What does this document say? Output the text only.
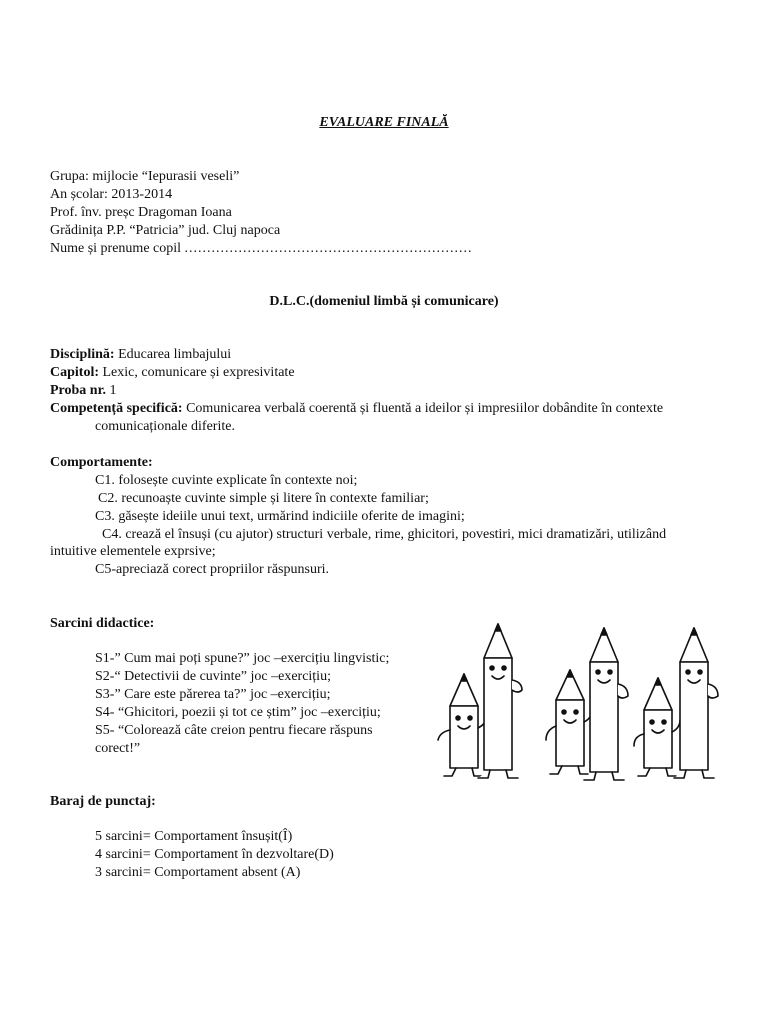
EVALUARE FINALĂ
Grupa: mijlocie “Iepurasii veseli”
An școlar: 2013-2014
Prof. înv. preșc Dragoman Ioana
Grădinița P.P. “Patricia” jud. Cluj napoca
Nume și prenume copil ................................................................
D.L.C.(domeniul limbă și comunicare)
Disciplină: Educarea limbajului
Capitol: Lexic, comunicare și expresivitate
Proba nr. 1
Competență specifică: Comunicarea verbală coerentă și fluentă a ideilor și impresiilor dobândite în contexte
comunicaționale diferite.
Comportamente:
C1. folosește cuvinte explicate în contexte noi;
C2. recunoaște cuvinte simple și litere în contexte familiar;
C3. găsește ideiile unui text, urmărind indiciile oferite de imagini;
C4. crează el însuși (cu ajutor) structuri verbale, rime, ghicitori, povestiri, mici dramatizări, utilizând
intuitive elementele exprsive;
C5-apreciază corect propriilor răspunsuri.
Sarcini didactice:
S1-” Cum mai poți spune?” joc –exercițiu lingvistic;
S2-“ Detectivii de cuvinte” joc –exercițiu;
S3-” Care este părerea ta?” joc –exercițiu;
S4- “Ghicitori, poezii și tot ce știm” joc –exercițiu;
S5- “Colorează câte creion pentru fiecare răspuns
corect!”
Baraj de punctaj:
5 sarcini= Comportament însușit(Î)
4 sarcini= Comportament în dezvoltare(D)
3 sarcini= Comportament absent (A)
